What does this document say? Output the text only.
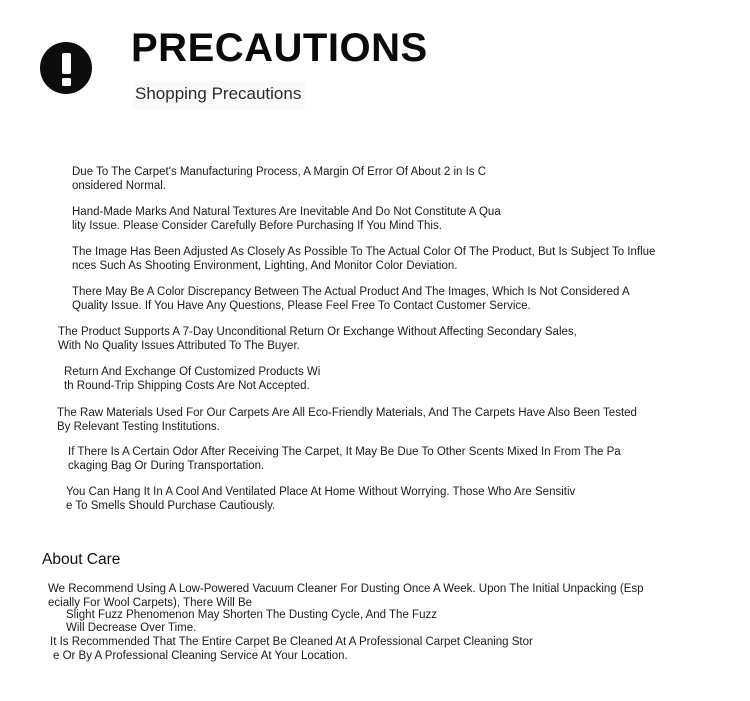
PRECAUTIONS
Shopping Precautions

Due To The Carpet's Manufacturing Process, A Margin Of Error Of About 2 in Is C
onsidered Normal.

Hand-Made Marks And Natural Textures Are Inevitable And Do Not Constitute A Qua
lity Issue. Please Consider Carefully Before Purchasing If You Mind This.

The Image Has Been Adjusted As Closely As Possible To The Actual Color Of The Product, But Is Subject To Influe
nces Such As Shooting Environment, Lighting, And Monitor Color Deviation.

There May Be A Color Discrepancy Between The Actual Product And The Images, Which Is Not Considered A
Quality Issue. If You Have Any Questions, Please Feel Free To Contact Customer Service.

The Product Supports A 7-Day Unconditional Return Or Exchange Without Affecting Secondary Sales,
With No Quality Issues Attributed To The Buyer.

Return And Exchange Of Customized Products Wi
th Round-Trip Shipping Costs Are Not Accepted.

The Raw Materials Used For Our Carpets Are All Eco-Friendly Materials, And The Carpets Have Also Been Tested
By Relevant Testing Institutions.

If There Is A Certain Odor After Receiving The Carpet, It May Be Due To Other Scents Mixed In From The Pa
ckaging Bag Or During Transportation.

You Can Hang It In A Cool And Ventilated Place At Home Without Worrying. Those Who Are Sensitiv
e To Smells Should Purchase Cautiously.

About Care

We Recommend Using A Low-Powered Vacuum Cleaner For Dusting Once A Week. Upon The Initial Unpacking (Esp

ecially For Wool Carpets), There Will Be

Slight Fuzz Phenomenon May Shorten The Dusting Cycle, And The Fuzz

Will Decrease Over Time.

It Is Recommended That The Entire Carpet Be Cleaned At A Professional Carpet Cleaning Stor

e Or By A Professional Cleaning Service At Your Location.
